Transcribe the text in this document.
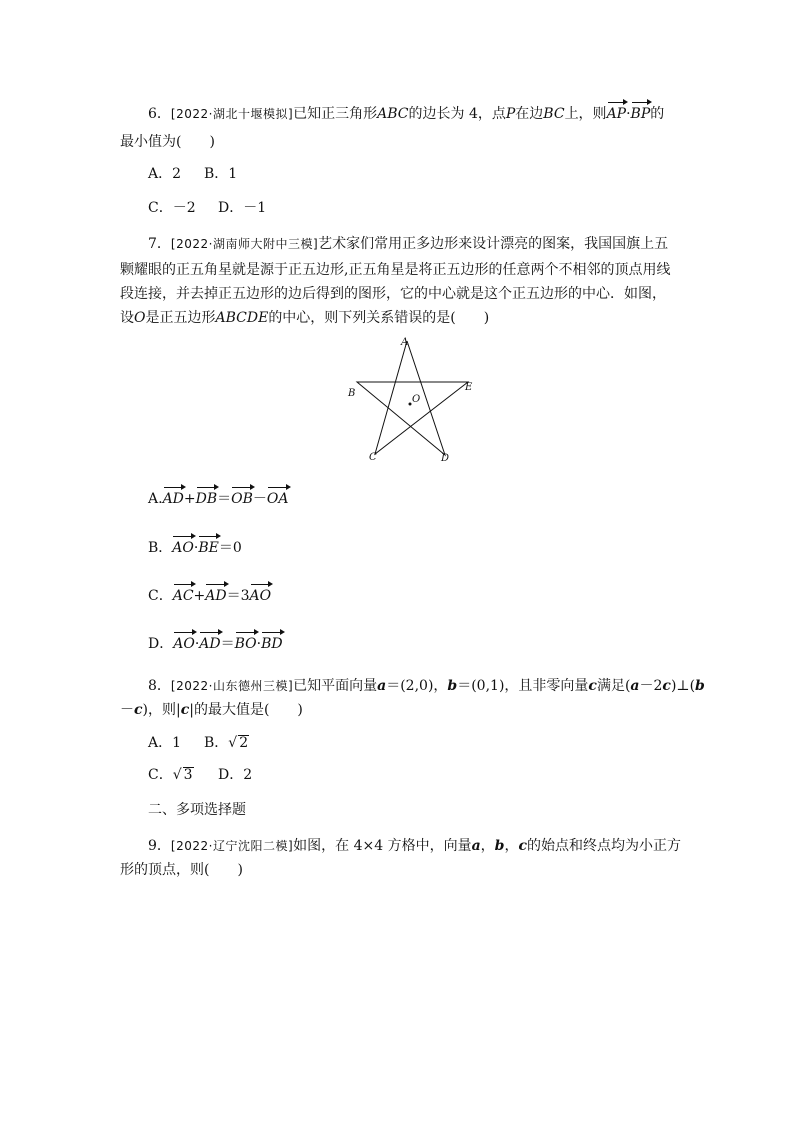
6．[2022·湖北十堰模拟]已知正三角形ABC的边长为 4，点P在边BC上，则AP·BP的
最小值为(　　)
A．2 B．1
C．－2 D．－1
7．[2022·湖南师大附中三模]艺术家们常用正多边形来设计漂亮的图案，我国国旗上五
颗耀眼的正五角星就是源于正五边形,正五角星是将正五边形的任意两个不相邻的顶点用线
段连接，并去掉正五边形的边后得到的图形，它的中心就是这个正五边形的中心．如图，
设O是正五边形ABCDE的中心，则下列关系错误的是(　　)
A
B
C	D
E
O
A.AD+DB＝OB－OA
B．AO·BE＝0
C．AC+AD＝3AO
D．AO·AD＝BO·BD
8．[2022·山东德州三模]已知平面向量a＝(2,0)，b＝(0,1)，且非零向量c满足(a－2c)⊥(b
－c)，则|c|的最大值是(　　)
A．1 B．√ 2
C．√ 3 D．2
二、多项选择题
9．[2022·辽宁沈阳二模]如图，在 4×4 方格中，向量a，b，c的始点和终点均为小正方
形的顶点，则(　　)
